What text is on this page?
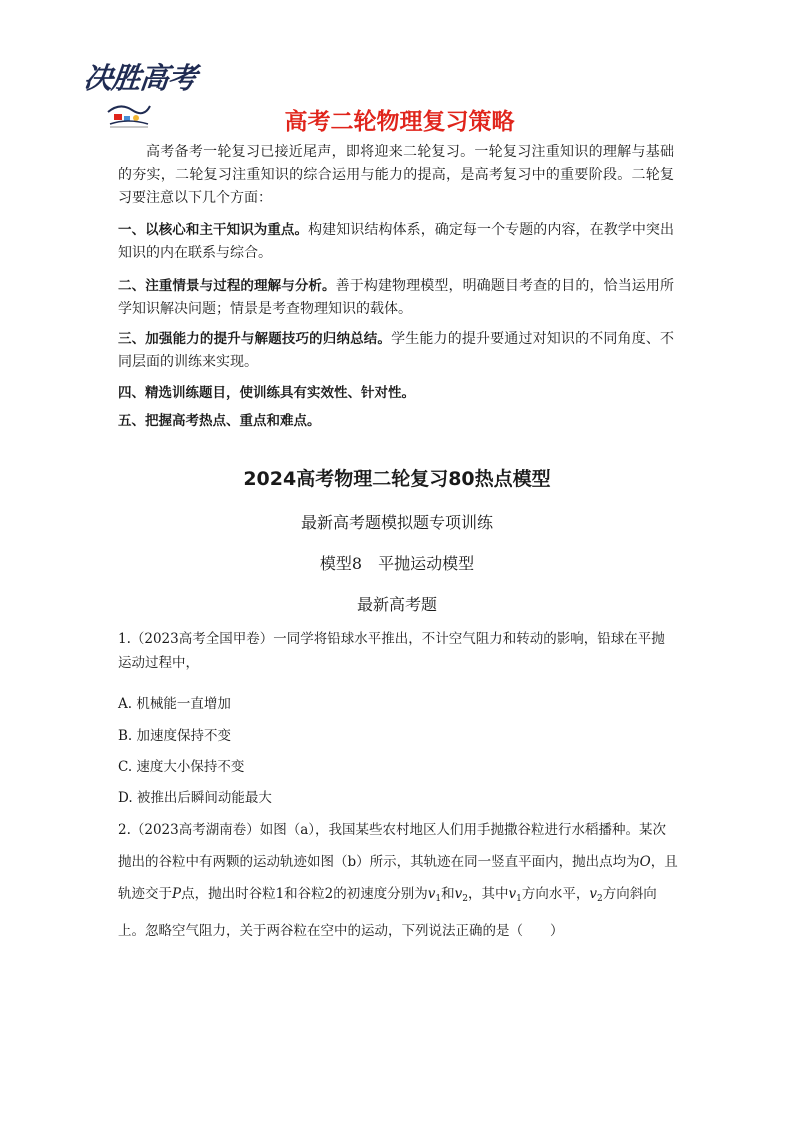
决胜高考
高考二轮物理复习策略
高考备考一轮复习已接近尾声，即将迎来二轮复习。一轮复习注重知识的理解与基础的夯实，二轮复习注重知识的综合运用与能力的提高，是高考复习中的重要阶段。二轮复习要注意以下几个方面：
一、以核心和主干知识为重点。构建知识结构体系，确定每一个专题的内容，在教学中突出知识的内在联系与综合。
二、注重情景与过程的理解与分析。善于构建物理模型，明确题目考查的目的，恰当运用所学知识解决问题；情景是考查物理知识的载体。
三、加强能力的提升与解题技巧的归纳总结。学生能力的提升要通过对知识的不同角度、不同层面的训练来实现。
四、精选训练题目，使训练具有实效性、针对性。
五、把握高考热点、重点和难点。
2024高考物理二轮复习80热点模型
最新高考题模拟题专项训练
模型8　平抛运动模型
最新高考题
1.（2023高考全国甲卷）一同学将铅球水平推出，不计空气阻力和转动的影响，铅球在平抛运动过程中，
A. 机械能一直增加
B. 加速度保持不变
C. 速度大小保持不变
D. 被推出后瞬间动能最大
2.（2023高考湖南卷）如图（a），我国某些农村地区人们用手抛撒谷粒进行水稻播种。某次抛出的谷粒中有两颗的运动轨迹如图（b）所示，其轨迹在同一竖直平面内，抛出点均为O，且轨迹交于P点，抛出时谷粒1和谷粒2的初速度分别为$v_1$和$v_2$，其中$v_1$方向水平，$v_2$方向斜向上。忽略空气阻力，关于两谷粒在空中的运动，下列说法正确的是（　　）
